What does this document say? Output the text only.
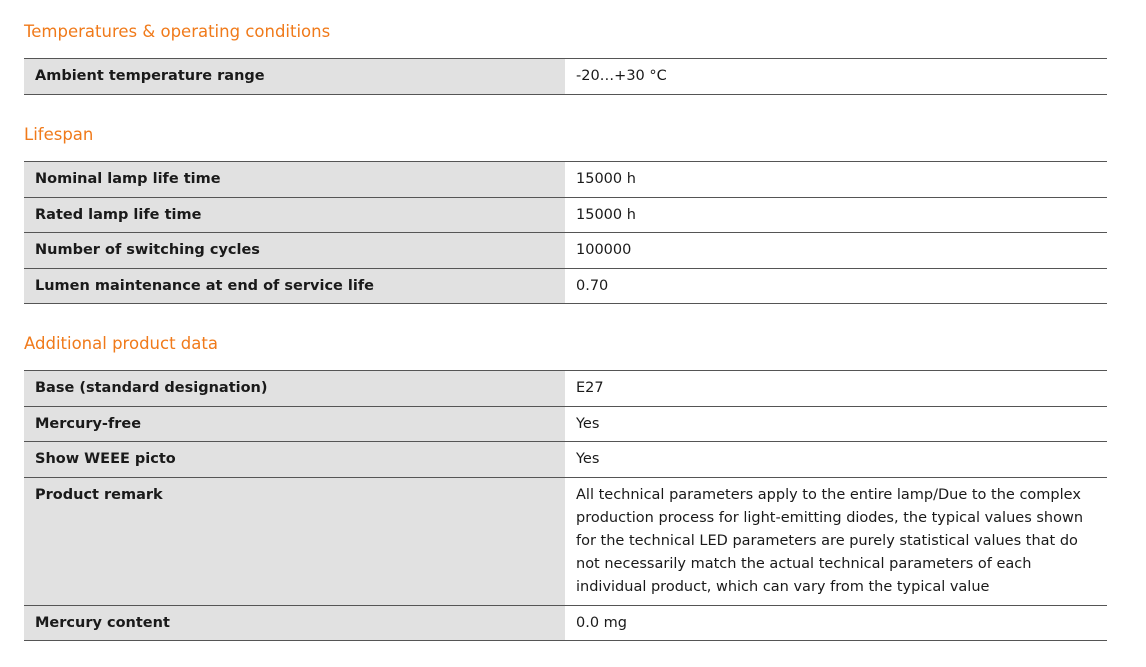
Temperatures & operating conditions
Ambient temperature range	-20…+30 °C
Lifespan
Nominal lamp life time	15000 h
Rated lamp life time	15000 h
Number of switching cycles	100000
Lumen maintenance at end of service life	0.70
Additional product data
Base (standard designation)	E27
Mercury-free	Yes
Show WEEE picto	Yes
Product remark	All technical parameters apply to the entire lamp/Due to the complex production process for light-emitting diodes, the typical values shown for the technical LED parameters are purely statistical values that do not necessarily match the actual technical parameters of each individual product, which can vary from the typical value
Mercury content	0.0 mg
